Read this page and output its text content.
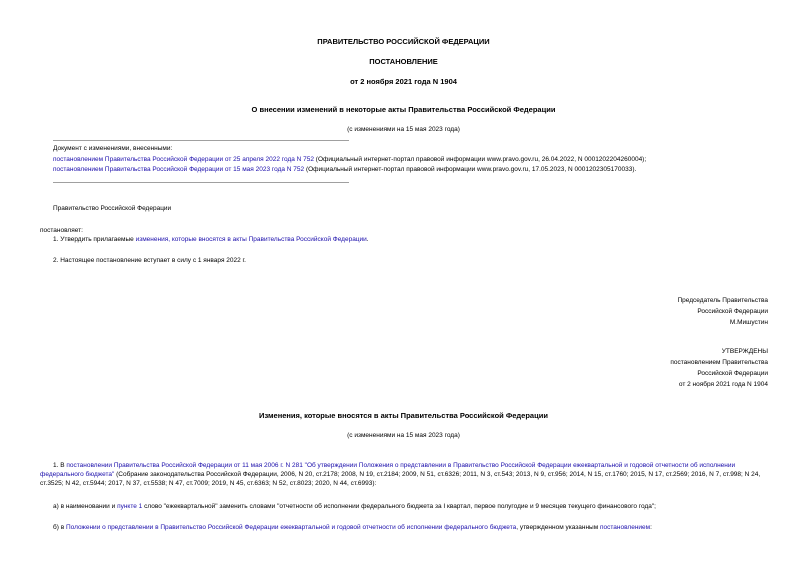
ПРАВИТЕЛЬСТВО РОССИЙСКОЙ ФЕДЕРАЦИИ
ПОСТАНОВЛЕНИЕ
от 2 ноября 2021 года N 1904
О внесении изменений в некоторые акты Правительства Российской Федерации
(с изменениями на 15 мая 2023 года)
Документ с изменениями, внесенными:
постановлением Правительства Российской Федерации от 25 апреля 2022 года N 752 (Официальный интернет-портал правовой информации www.pravo.gov.ru, 26.04.2022, N 0001202204260004);
постановлением Правительства Российской Федерации от 15 мая 2023 года N 752 (Официальный интернет-портал правовой информации www.pravo.gov.ru, 17.05.2023, N 0001202305170033).
Правительство Российской Федерации
постановляет:
1. Утвердить прилагаемые изменения, которые вносятся в акты Правительства Российской Федерации.
2. Настоящее постановление вступает в силу с 1 января 2022 г.
Председатель Правительства
Российской Федерации
М.Мишустин
УТВЕРЖДЕНЫ
постановлением Правительства
Российской Федерации
от 2 ноября 2021 года N 1904
Изменения, которые вносятся в акты Правительства Российской Федерации
(с изменениями на 15 мая 2023 года)
1. В постановлении Правительства Российской Федерации от 11 мая 2006 г. N 281 "Об утверждении Положения о представлении в Правительство Российской Федерации ежеквартальной и годовой отчетности об исполнении федерального бюджета" (Собрание законодательства Российской Федерации, 2006, N 20, ст.2178; 2008, N 19, ст.2184; 2009, N 51, ст.6326; 2011, N 3, ст.543; 2013, N 9, ст.956; 2014, N 15, ст.1760; 2015, N 17, ст.2569; 2016, N 7, ст.998; N 24, ст.3525; N 42, ст.5944; 2017, N 37, ст.5538; N 47, ст.7009; 2019, N 45, ст.6363; N 52, ст.8023; 2020, N 44, ст.6993):
а) в наименовании и пункте 1 слово "ежеквартальной" заменить словами "отчетности об исполнении федерального бюджета за I квартал, первое полугодие и 9 месяцев текущего финансового года";
б) в Положении о представлении в Правительство Российской Федерации ежеквартальной и годовой отчетности об исполнении федерального бюджета, утвержденном указанным постановлением:
